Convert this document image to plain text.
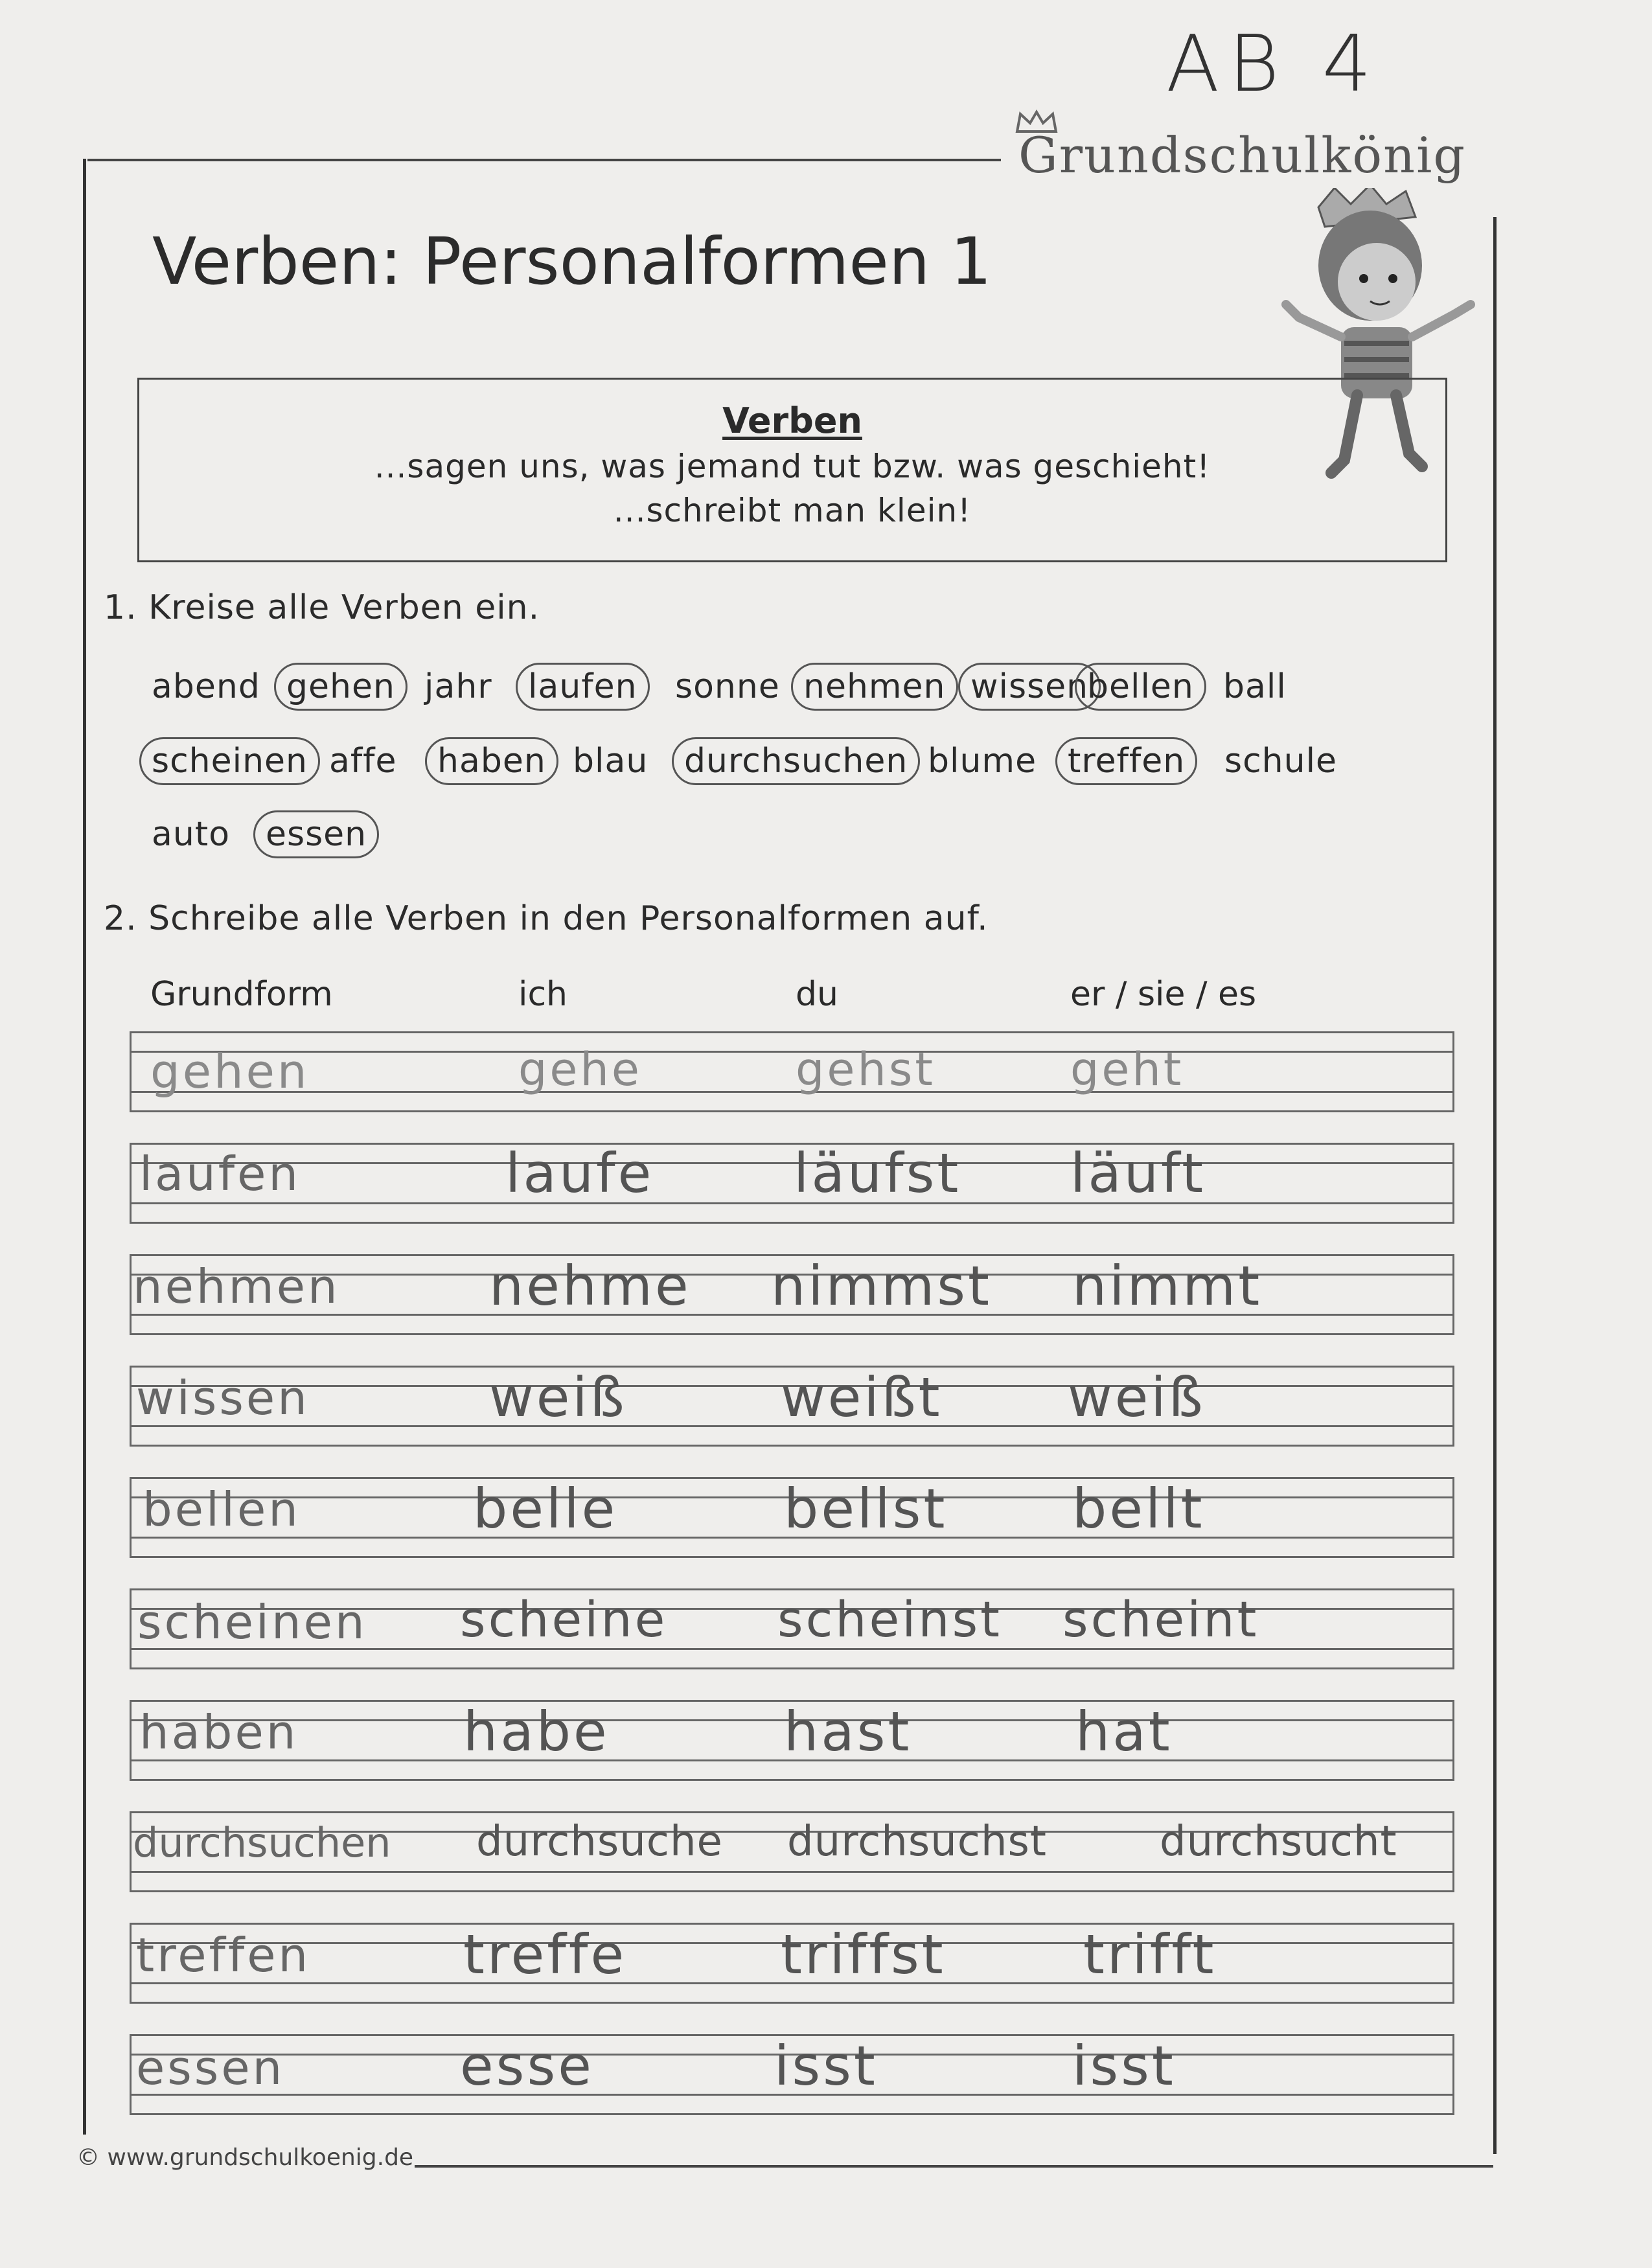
AB 4
Grundschulkönig
Verben: Personalformen 1
Verben
...sagen uns, was jemand tut bzw. was geschieht!
...schreibt man klein!
1. Kreise alle Verben ein.
abend gehen jahr	laufen	sonne nehmen wissen
bellen ball
scheinen affe	haben blau	durchsuchen blume treffen	schule
auto	essen
2. Schreibe alle Verben in den Personalformen auf.
Grundform	ich	du	er / sie / es
gehen	gehe	gehst	geht
laufen	laufe	läufst läuft
nehmen	nehme nimmst nimmt
wissen	weiß	weißt weiß
bellen	belle	bellst bellt
scheinen scheine scheinst scheint
haben	habe	hast	hat
durchsuchen durchsuche durchsuchst	durchsucht
treffen	treffe	triffst	trifft
essen	esse	isst	isst
© www.grundschulkoenig.de
